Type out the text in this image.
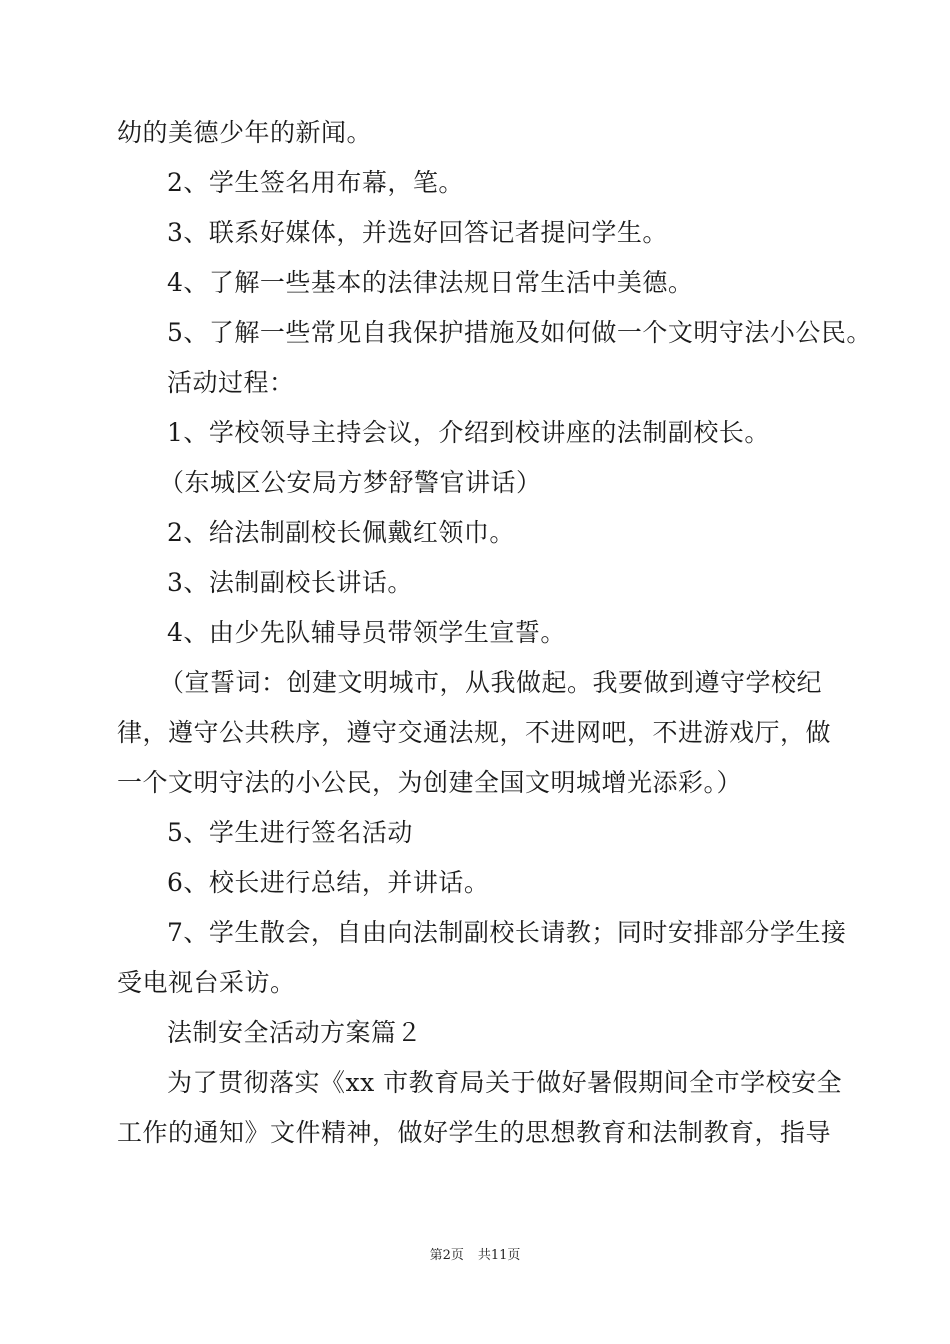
幼的美德少年的新闻。
2、学生签名用布幕，笔。
3、联系好媒体，并选好回答记者提问学生。
4、了解一些基本的法律法规日常生活中美德。
5、了解一些常见自我保护措施及如何做一个文明守法小公民。
活动过程：
1、学校领导主持会议，介绍到校讲座的法制副校长。
（东城区公安局方梦舒警官讲话）
2、给法制副校长佩戴红领巾。
3、法制副校长讲话。
4、由少先队辅导员带领学生宣誓。
（宣誓词：创建文明城市，从我做起。我要做到遵守学校纪
律，遵守公共秩序，遵守交通法规，不进网吧，不进游戏厅，做
一个文明守法的小公民，为创建全国文明城增光添彩。）
5、学生进行签名活动
6、校长进行总结，并讲话。
7、学生散会，自由向法制副校长请教；同时安排部分学生接
受电视台采访。
法制安全活动方案篇２
为了贯彻落实《xx 市教育局关于做好暑假期间全市学校安全
工作的通知》文件精神，做好学生的思想教育和法制教育，指导
第2页 共11页
